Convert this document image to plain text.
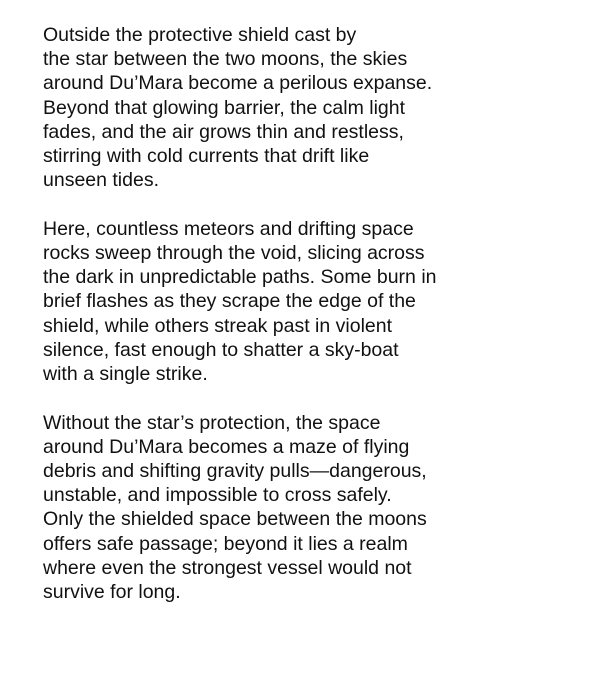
Outside the protective shield cast by
the star between the two moons, the skies
around Du’Mara become a perilous expanse.
Beyond that glowing barrier, the calm light
fades, and the air grows thin and restless,
stirring with cold currents that drift like
unseen tides.

Here, countless meteors and drifting space
rocks sweep through the void, slicing across
the dark in unpredictable paths. Some burn in
brief flashes as they scrape the edge of the
shield, while others streak past in violent
silence, fast enough to shatter a sky-boat
with a single strike.

Without the star’s protection, the space
around Du’Mara becomes a maze of flying
debris and shifting gravity pulls—dangerous,
unstable, and impossible to cross safely.
Only the shielded space between the moons
offers safe passage; beyond it lies a realm
where even the strongest vessel would not
survive for long.
